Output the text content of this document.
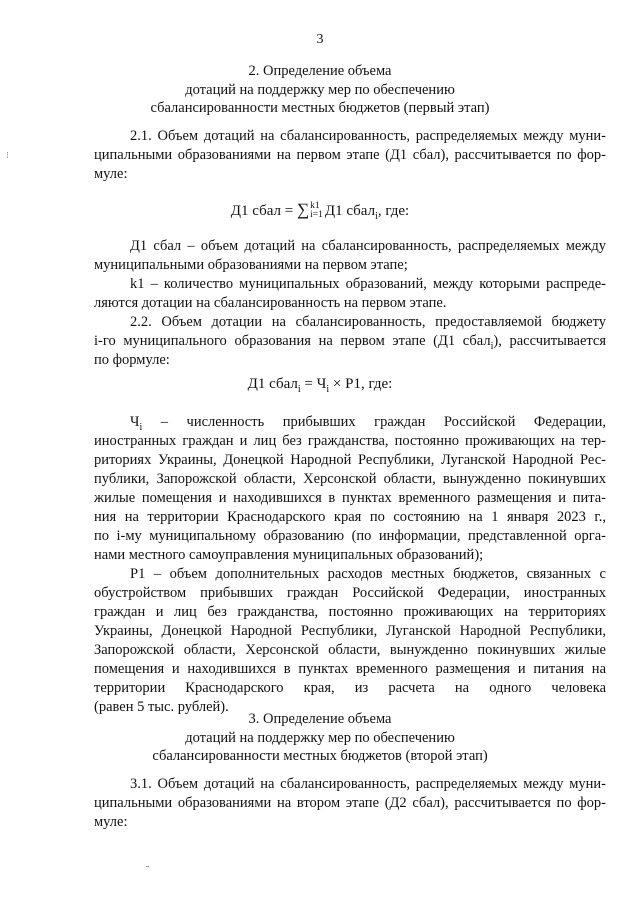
3
⁝
2. Определение объема
дотаций на поддержку мер по обеспечению
сбалансированности местных бюджетов (первый этап)
2.1. Объем дотаций на сбалансированность, распределяемых между муни-
ципальными образованиями на первом этапе (Д1 сбал), рассчитывается по фор-
муле:
Д1 сбал = ∑ k1
i=1 Д1 сбал$_i$, где:
Д1 сбал – объем дотаций на сбалансированность, распределяемых между
муниципальными образованиями на первом этапе;
k1 – количество муниципальных образований, между которыми распреде-
ляются дотации на сбалансированность на первом этапе.
2.2. Объем дотации на сбалансированность, предоставляемой бюджету
i-го муниципального образования на первом этапе (Д1 сбал$_i$), рассчитывается
по формуле:
Д1 сбал$_i$ = $Ч_i \times Р1$, где:
$Ч_i$ – численность прибывших граждан Российской Федерации,
иностранных граждан и лиц без гражданства, постоянно проживающих на тер-
риториях Украины, Донецкой Народной Республики, Луганской Народной Рес-
публики, Запорожской области, Херсонской области, вынужденно покинувших
жилые помещения и находившихся в пунктах временного размещения и пита-
ния на территории Краснодарского края по состоянию на 1 января 2023 г.,
по i-му муниципальному образованию (по информации, представленной орга-
нами местного самоуправления муниципальных образований);
Р1 – объем дополнительных расходов местных бюджетов, связанных с
обустройством прибывших граждан Российской Федерации, иностранных
граждан и лиц без гражданства, постоянно проживающих на территориях
Украины, Донецкой Народной Республики, Луганской Народной Республики,
Запорожской области, Херсонской области, вынужденно покинувших жилые
помещения и находившихся в пунктах временного размещения и питания на
территории Краснодарского края, из расчета на одного человека
(равен 5 тыс. рублей).
3. Определение объема
дотаций на поддержку мер по обеспечению
сбалансированности местных бюджетов (второй этап)
3.1. Объем дотаций на сбалансированность, распределяемых между муни-
ципальными образованиями на втором этапе (Д2 сбал), рассчитывается по фор-
муле:
